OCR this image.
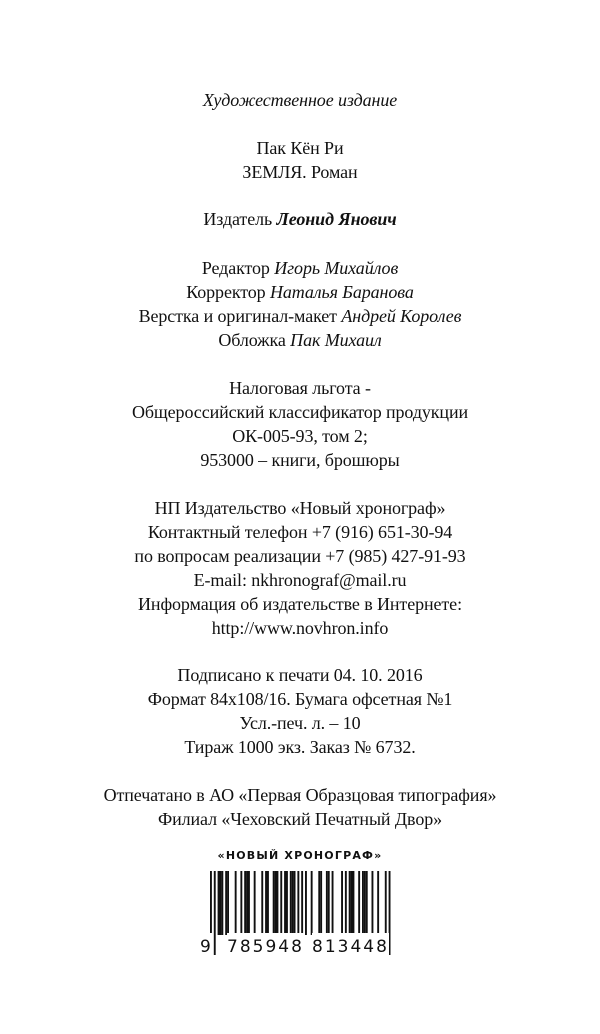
Художественное издание
Пак Кён Ри
ЗЕМЛЯ. Роман
Издатель Леонид Янович
Редактор Игорь Михайлов
Корректор Наталья Баранова
Верстка и оригинал-макет Андрей Королев
Обложка Пак Михаил
Налоговая льгота -
Общероссийский классификатор продукции
ОК-005-93, том 2;
953000 – книги, брошюры
НП Издательство «Новый хронограф»
Контактный телефон +7 (916) 651-30-94
по вопросам реализации +7 (985) 427-91-93
E-mail: nkhronograf@mail.ru
Информация об издательстве в Интернете:
http://www.novhron.info
Подписано к печати 04. 10. 2016
Формат 84х108/16. Бумага офсетная №1
Усл.-печ. л. – 10
Тираж 1000 экз. Заказ № 6732.
Отпечатано в АО «Первая Образцовая типография»
Филиал «Чеховский Печатный Двор»
«НОВЫЙ ХРОНОГРАФ»
9 785948 813448
